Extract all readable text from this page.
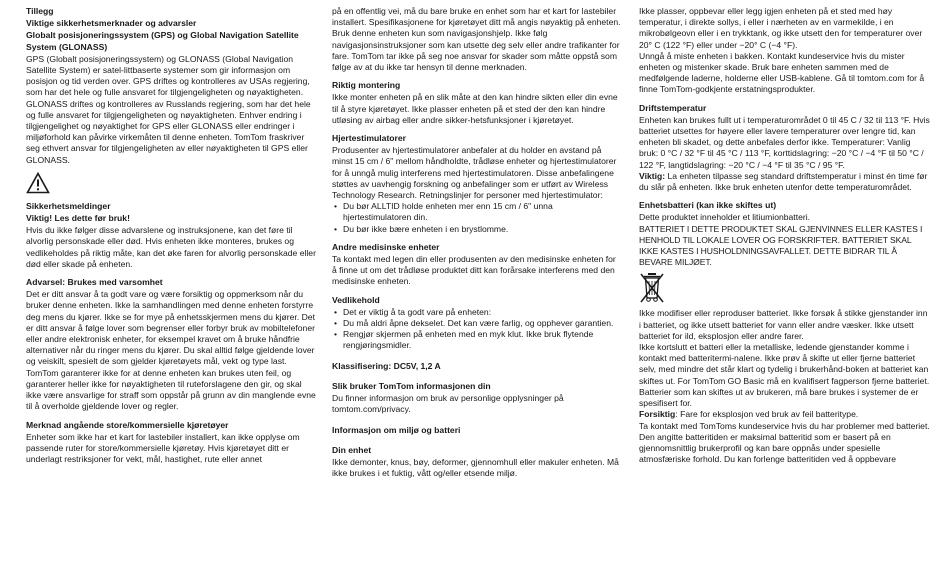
Tillegg

Viktige sikkerhetsmerknader og advarsler

Globalt posisjoneringssystem (GPS) og Global Navigation Satellite System (GLONASS)

GPS (Globalt posisjoneringssystem) og GLONASS (Global Navigation Satellite System) er satel-littbaserte systemer som gir informasjon om posisjon og tid verden over. GPS driftes og kontrolleres av USAs regjering, som har det hele og fulle ansvaret for tilgjengeligheten og nøyaktigheten. GLONASS driftes og kontrolleres av Russlands regjering, som har det hele og fulle ansvaret for tilgjengeligheten og nøyaktigheten. Enhver endring i tilgjengelighet og nøyaktighet for GPS eller GLONASS eller endringer i miljøforhold kan påvirke virkemåten til denne enheten. TomTom fraskriver seg ethvert ansvar for tilgjengeligheten av eller nøyaktigheten til GPS eller GLONASS.

Sikkerhetsmeldinger

Viktig! Les dette før bruk!

Hvis du ikke følger disse advarslene og instruksjonene, kan det føre til alvorlig personskade eller død. Hvis enheten ikke monteres, brukes og vedlikeholdes på riktig måte, kan det øke faren for alvorlig personskade eller død eller skade på enheten.

Advarsel: Brukes med varsomhet

Det er ditt ansvar å ta godt vare og være forsiktig og oppmerksom når du bruker denne enheten. Ikke la samhandlingen med denne enheten forstyrre deg mens du kjører. Ikke se for mye på enhetsskjermen mens du kjører. Det er ditt ansvar å følge lover som begrenser eller forbyr bruk av mobiltelefoner eller andre elektronisk enheter, for eksempel kravet om å bruke håndfrie alternativer når du ringer mens du kjører. Du skal alltid følge gjeldende lover og veiskilt, spesielt de som gjelder kjøretøyets mål, vekt og type last. TomTom garanterer ikke for at denne enheten kan brukes uten feil, og garanterer heller ikke for nøyaktigheten til ruteforslagene den gir, og skal ikke være ansvarlige for straff som oppstår på grunn av din manglende evne til å overholde gjeldende lover og regler.

Merknad angående store/kommersielle kjøretøyer

Enheter som ikke har et kart for lastebiler installert, kan ikke opplyse om passende ruter for store/kommersielle kjøretøy. Hvis kjøretøyet ditt er underlagt restriksjoner for vekt, mål, hastighet, rute eller annet

på en offentlig vei, må du bare bruke en enhet som har et kart for lastebiler installert. Spesifikasjonene for kjøretøyet ditt må angis nøyaktig på enheten. Bruk denne enheten kun som navigasjonshjelp. Ikke følg navigasjonsinstruksjoner som kan utsette deg selv eller andre trafikanter for fare. TomTom tar ikke på seg noe ansvar for skader som måtte oppstå som følge av at du ikke tar hensyn til denne merknaden.

Riktig montering

Ikke monter enheten på en slik måte at den kan hindre sikten eller din evne til å styre kjøretøyet. Ikke plasser enheten på et sted der den kan hindre utløsing av airbag eller andre sikker-hetsfunksjoner i kjøretøyet.

Hjertestimulatorer

Produsenter av hjertestimulatorer anbefaler at du holder en avstand på minst 15 cm / 6" mellom håndholdte, trådløse enheter og hjertestimulatorer for å unngå mulig interferens med hjertestimulatoren. Disse anbefalingene støttes av uavhengig forskning og anbefalinger som er utført av Wireless Technology Research. Retningslinjer for personer med hjertestimulator:

• Du bør ALLTID holde enheten mer enn 15 cm / 6" unna hjertestimulatoren din.
• Du bør ikke bære enheten i en brystlomme.

Andre medisinske enheter

Ta kontakt med legen din eller produsenten av den medisinske enheten for å finne ut om det trådløse produktet ditt kan forårsake interferens med den medisinske enheten.

Vedlikehold

• Det er viktig å ta godt vare på enheten:
• Du må aldri åpne dekselet. Det kan være farlig, og opphever garantien.
• Rengjør skjermen på enheten med en myk klut. Ikke bruk flytende rengjøringsmidler.

Klassifisering: DC5V, 1,2 A

Slik bruker TomTom informasjonen din

Du finner informasjon om bruk av personlige opplysninger på tomtom.com/privacy.

Informasjon om miljø og batteri

Din enhet

Ikke demonter, knus, bøy, deformer, gjennomhull eller makuler enheten. Må ikke brukes i et fuktig, vått og/eller etsende miljø.

Ikke plasser, oppbevar eller legg igjen enheten på et sted med høy temperatur, i direkte sollys, i eller i nærheten av en varmekilde, i en mikrobølgeovn eller i en trykktank, og ikke utsett den for temperaturer over 20° C (122 °F) eller under −20° C (−4 °F).

Unngå å miste enheten i bakken. Kontakt kundeservice hvis du mister enheten og mistenker skade. Bruk bare enheten sammen med de medfølgende laderne, holderne eller USB-kablene. Gå til tomtom.com for å finne TomTom-godkjente erstatningsprodukter.

Driftstemperatur

Enheten kan brukes fullt ut i temperaturområdet 0 til 45 C / 32 til 113 °F. Hvis batteriet utsettes for høyere eller lavere temperaturer over lengre tid, kan enheten bli skadet, og dette anbefales derfor ikke. Temperaturer: Vanlig bruk: 0 °C / 32 °F til 45 °C / 113 °F, korttidslagring: −20 °C / −4 °F til 50 °C / 122 °F, langtidslagring: −20 °C / −4 °F til 35 °C / 95 °F.

Viktig: La enheten tilpasse seg standard driftstemperatur i minst én time før du slår på enheten. Ikke bruk enheten utenfor dette temperaturområdet.

Enhetsbatteri (kan ikke skiftes ut)

Dette produktet inneholder et litiumionbatteri.

BATTERIET I DETTE PRODUKTET SKAL GJENVINNES ELLER KASTES I HENHOLD TIL LOKALE LOVER OG FORSKRIFTER. BATTERIET SKAL IKKE KASTES I HUSHOLDNINGSAVFALLET. DETTE BIDRAR TIL Å BEVARE MILJØET.

Ikke modifiser eller reproduser batteriet. Ikke forsøk å stikke gjenstander inn i batteriet, og ikke utsett batteriet for vann eller andre væsker. Ikke utsett batteriet for ild, eksplosjon eller andre farer.

Ikke kortslutt et batteri eller la metalliske, ledende gjenstander komme i kontakt med batteritermi-nalene. Ikke prøv å skifte ut eller fjerne batteriet selv, med mindre det står klart og tydelig i brukerhånd-boken at batteriet kan skiftes ut. For TomTom GO Basic må en kvalifisert fagperson fjerne batteriet. Batterier som kan skiftes ut av brukeren, må bare brukes i systemer de er spesifisert for.

Forsiktig: Fare for eksplosjon ved bruk av feil batteritype.

Ta kontakt med TomToms kundeservice hvis du har problemer med batteriet.

Den angitte batteritiden er maksimal batteritid som er basert på en gjennomsnittlig brukerprofil og kan bare oppnås under spesielle atmosfæriske forhold. Du kan forlenge batteritiden ved å oppbevare
